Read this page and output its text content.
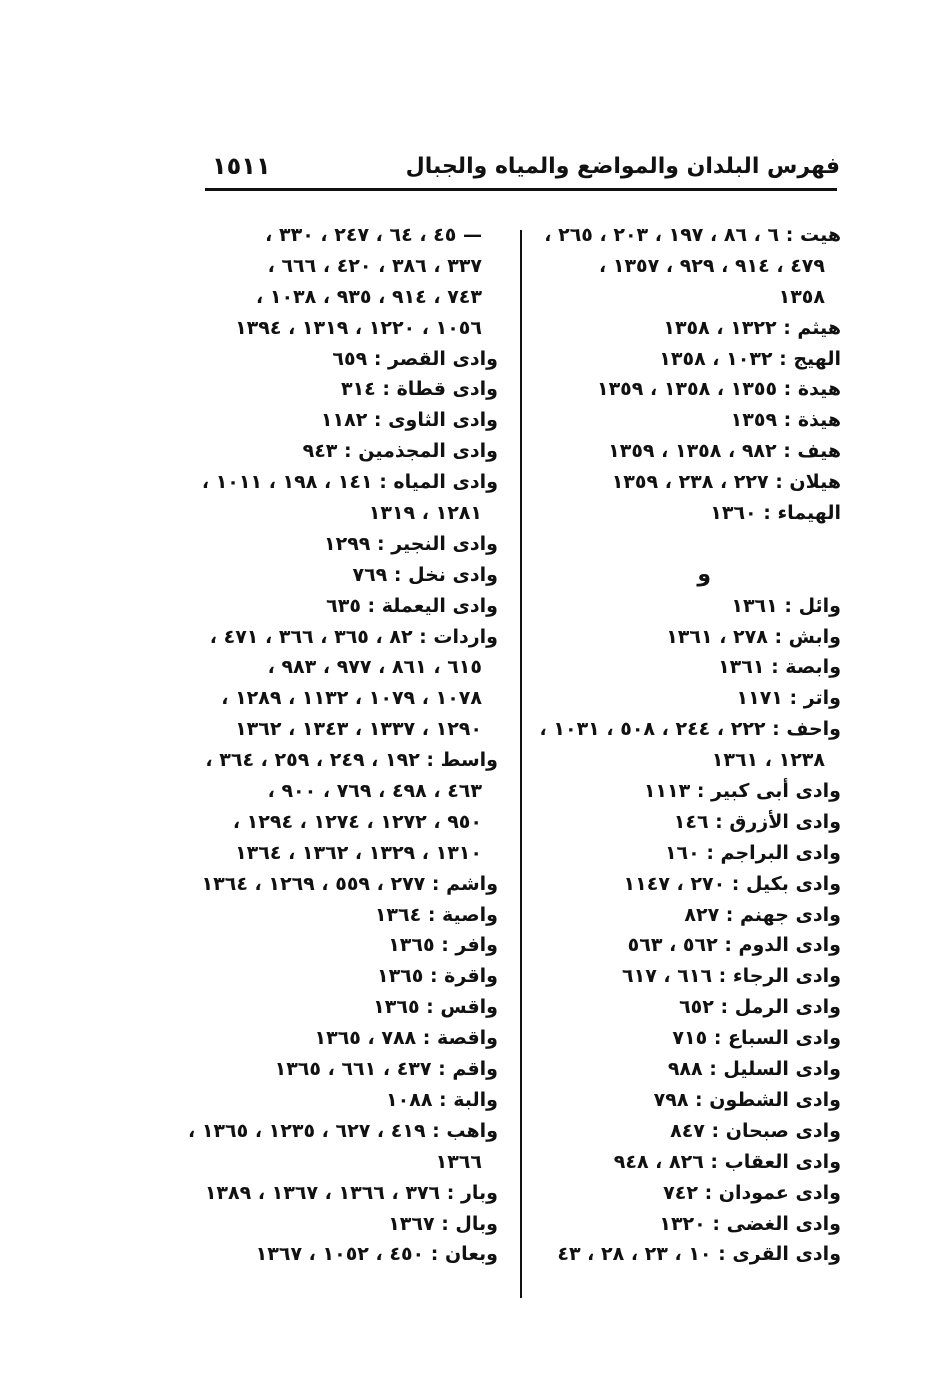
فهرس البلدان والمواضع والمياه والجبال
١٥١١
هيت : ٦ ، ٨٦ ، ١٩٧ ، ٢٠٣ ، ٢٦٥ ،
٤٧٩ ، ٩١٤ ، ٩٢٩ ، ١٣٥٧ ،
١٣٥٨
هيثم : ١٣٢٢ ، ١٣٥٨
الهيج : ١٠٣٢ ، ١٣٥٨
هيدة : ١٣٥٥ ، ١٣٥٨ ، ١٣٥٩
هيذة : ١٣٥٩
هيف : ٩٨٢ ، ١٣٥٨ ، ١٣٥٩
هيلان : ٢٢٧ ، ٢٣٨ ، ١٣٥٩
الهيماء : ١٣٦٠
و
وائل : ١٣٦١
وابش : ٢٧٨ ، ١٣٦١
وابصة : ١٣٦١
واتر : ١١٧١
واحف : ٢٢٢ ، ٢٤٤ ، ٥٠٨ ، ١٠٣١ ،
١٢٣٨ ، ١٣٦١
وادى أبى كبير : ١١١٣
وادى الأزرق : ١٤٦
وادى البراجم : ١٦٠
وادى بكيل : ٢٧٠ ، ١١٤٧
وادى جهنم : ٨٢٧
وادى الدوم : ٥٦٢ ، ٥٦٣
وادى الرجاء : ٦١٦ ، ٦١٧
وادى الرمل : ٦٥٢
وادى السباع : ٧١٥
وادى السليل : ٩٨٨
وادى الشطون : ٧٩٨
وادى صبحان : ٨٤٧
وادى العقاب : ٨٢٦ ، ٩٤٨
وادى عمودان : ٧٤٢
وادى الغضى : ١٣٢٠
وادى القرى : ١٠ ، ٢٣ ، ٢٨ ، ٤٣
— ٤٥ ، ٦٤ ، ٢٤٧ ، ٣٣٠ ،
٣٣٧ ، ٣٨٦ ، ٤٢٠ ، ٦٦٦ ،
٧٤٣ ، ٩١٤ ، ٩٣٥ ، ١٠٣٨ ،
١٠٥٦ ، ١٢٢٠ ، ١٣١٩ ، ١٣٩٤
وادى القصر : ٦٥٩
وادى قطاة : ٣١٤
وادى الثاوى : ١١٨٢
وادى المجذمين : ٩٤٣
وادى المياه : ١٤١ ، ١٩٨ ، ١٠١١ ،
١٢٨١ ، ١٣١٩
وادى النجير : ١٢٩٩
وادى نخل : ٧٦٩
وادى اليعملة : ٦٣٥
واردات : ٨٢ ، ٣٦٥ ، ٣٦٦ ، ٤٧١ ،
٦١٥ ، ٨٦١ ، ٩٧٧ ، ٩٨٣ ،
١٠٧٨ ، ١٠٧٩ ، ١١٣٢ ، ١٢٨٩ ،
١٢٩٠ ، ١٣٣٧ ، ١٣٤٣ ، ١٣٦٢
واسط : ١٩٢ ، ٢٤٩ ، ٢٥٩ ، ٣٦٤ ،
٤٦٣ ، ٤٩٨ ، ٧٦٩ ، ٩٠٠ ،
٩٥٠ ، ١٢٧٢ ، ١٢٧٤ ، ١٢٩٤ ،
١٣١٠ ، ١٣٢٩ ، ١٣٦٢ ، ١٣٦٤
واشم : ٢٧٧ ، ٥٥٩ ، ١٢٦٩ ، ١٣٦٤
واصية : ١٣٦٤
وافر : ١٣٦٥
واقرة : ١٣٦٥
واقس : ١٣٦٥
واقصة : ٧٨٨ ، ١٣٦٥
واقم : ٤٣٧ ، ٦٦١ ، ١٣٦٥
والبة : ١٠٨٨
واهب : ٤١٩ ، ٦٢٧ ، ١٢٣٥ ، ١٣٦٥ ،
١٣٦٦
وبار : ٣٧٦ ، ١٣٦٦ ، ١٣٦٧ ، ١٣٨٩
وبال : ١٣٦٧
وبعان : ٤٥٠ ، ١٠٥٢ ، ١٣٦٧
